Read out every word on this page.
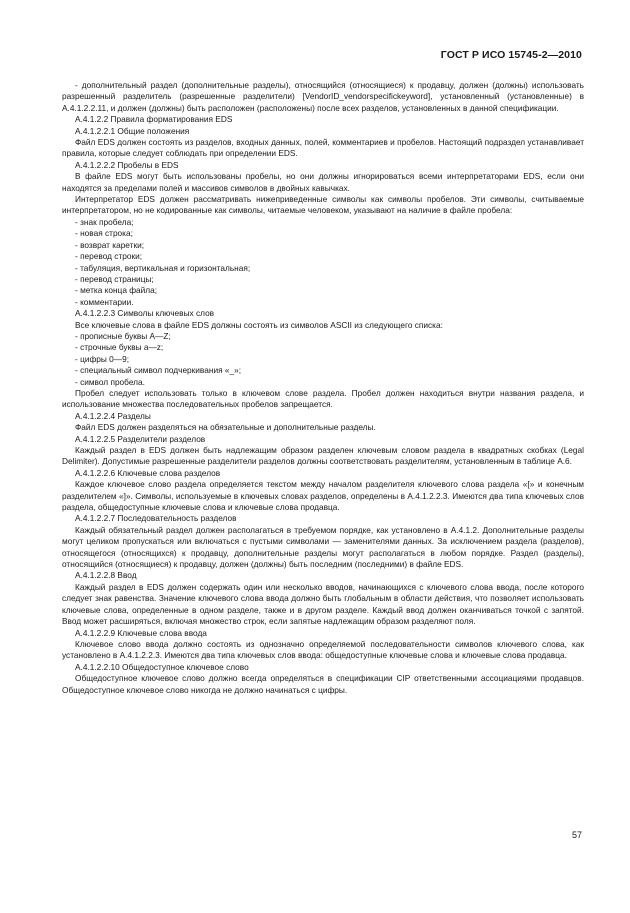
ГОСТ Р ИСО 15745-2—2010

- дополнительный раздел (дополнительные разделы), относящийся (относящиеся) к продавцу, должен (должны) использовать разрешенный разделитель (разрешенные разделители) [VendorID_vendorspecifickeyword], установленный (установленные) в А.4.1.2.2.11, и должен (должны) быть расположен (расположены) после всех разделов, установленных в данной спецификации.

А.4.1.2.2 Правила форматирования EDS

А.4.1.2.2.1 Общие положения

Файл EDS должен состоять из разделов, входных данных, полей, комментариев и пробелов. Настоящий подраздел устанавливает правила, которые следует соблюдать при определении EDS.

А.4.1.2.2.2 Пробелы в EDS

В файле EDS могут быть использованы пробелы, но они должны игнорироваться всеми интерпретаторами EDS, если они находятся за пределами полей и массивов символов в двойных кавычках.

Интерпретатор EDS должен рассматривать нижеприведенные символы как символы пробелов. Эти символы, считываемые интерпретатором, но не кодированные как символы, читаемые человеком, указывают на наличие в файле пробела:

- знак пробела;

- новая строка;

- возврат каретки;

- перевод строки;

- табуляция, вертикальная и горизонтальная;

- перевод страницы;

- метка конца файла;

- комментарии.

А.4.1.2.2.3 Символы ключевых слов

Все ключевые слова в файле EDS должны состоять из символов ASCII из следующего списка:

- прописные буквы А—Z;

- строчные буквы a—z;

- цифры 0—9;

- специальный символ подчеркивания «_»;

- символ пробела.

Пробел следует использовать только в ключевом слове раздела. Пробел должен находиться внутри названия раздела, и использование множества последовательных пробелов запрещается.

А.4.1.2.2.4 Разделы

Файл EDS должен разделяться на обязательные и дополнительные разделы.

А.4.1.2.2.5 Разделители разделов

Каждый раздел в EDS должен быть надлежащим образом разделен ключевым словом раздела в квадратных скобках (Legal Delimiter). Допустимые разрешенные разделители разделов должны соответствовать разделителям, установленным в таблице А.6.

А.4.1.2.2.6 Ключевые слова разделов

Каждое ключевое слово раздела определяется текстом между началом разделителя ключевого слова раздела «[» и конечным разделителем «]». Символы, используемые в ключевых словах разделов, определены в А.4.1.2.2.3. Имеются два типа ключевых слов раздела, общедоступные ключевые слова и ключевые слова продавца.

А.4.1.2.2.7 Последовательность разделов

Каждый обязательный раздел должен располагаться в требуемом порядке, как установлено в А.4.1.2. Дополнительные разделы могут целиком пропускаться или включаться с пустыми символами — заменителями данных. За исключением раздела (разделов), относящегося (относящихся) к продавцу, дополнительные разделы могут располагаться в любом порядке. Раздел (разделы), относящийся (относящиеся) к продавцу, должен (должны) быть последним (последними) в файле EDS.

А.4.1.2.2.8 Ввод

Каждый раздел в EDS должен содержать один или несколько вводов, начинающихся с ключевого слова ввода, после которого следует знак равенства. Значение ключевого слова ввода должно быть глобальным в области действия, что позволяет использовать ключевые слова, определенные в одном разделе, также и в другом разделе. Каждый ввод должен оканчиваться точкой с запятой. Ввод может расширяться, включая множество строк, если запятые надлежащим образом разделяют поля.

А.4.1.2.2.9 Ключевые слова ввода

Ключевое слово ввода должно состоять из однозначно определяемой последовательности символов ключевого слова, как установлено в А.4.1.2.2.3. Имеются два типа ключевых слов ввода: общедоступные ключевые слова и ключевые слова продавца.

А.4.1.2.2.10 Общедоступное ключевое слово

Общедоступное ключевое слово должно всегда определяться в спецификации CIP ответственными ассоциациями продавцов. Общедоступное ключевое слово никогда не должно начинаться с цифры.

57
